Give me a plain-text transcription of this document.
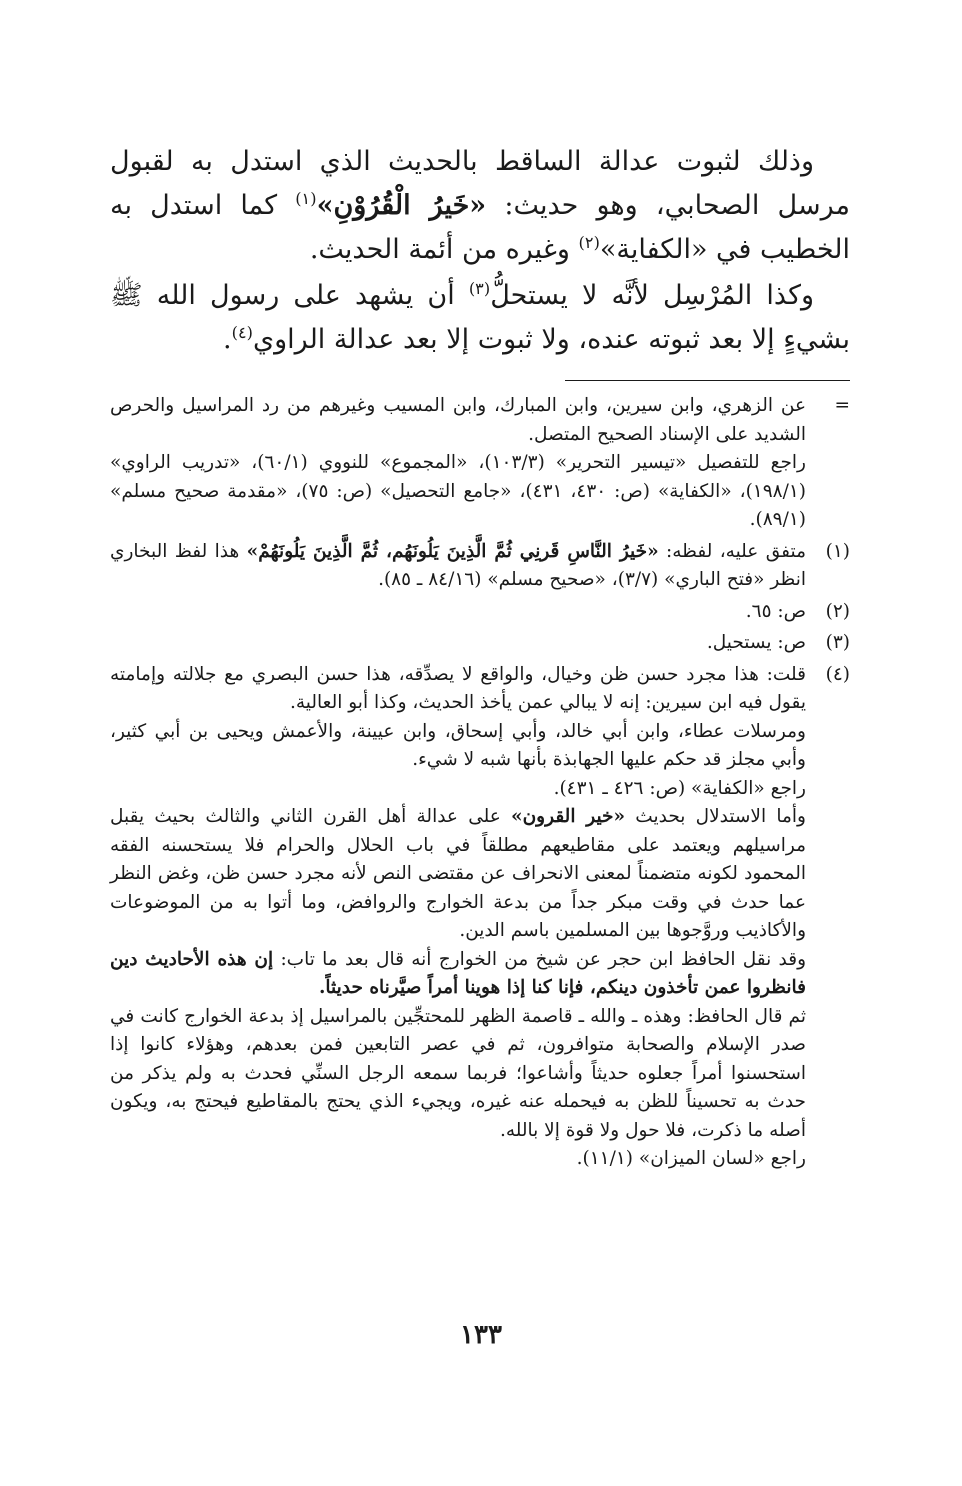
وذلك لثبوت عدالة الساقط بالحديث الذي استدل به لقبول مرسل الصحابي، وهو حديث: «خَيرُ الْقُرُوْنِ»$^{(١)}$ كما استدل به الخطيب في «الكفاية»$^{(٢)}$ وغيره من أئمة الحديث.

وكذا المُرْسِل لأنَّه لا يستحلُّ$^{(٣)}$ أن يشهد على رسول الله ﷺ بشيءٍ إلا بعد ثبوته عنده، ولا ثبوت إلا بعد عدالة الراوي$^{(٤)}$.

=

عن الزهري، وابن سيرين، وابن المبارك، وابن المسيب وغيرهم من رد المراسيل والحرص الشديد على الإسناد الصحيح المتصل.

راجع للتفصيل «تيسير التحرير» (١٠٣/٣)، «المجموع» للنووي (٦٠/١)، «تدريب الراوي» (١٩٨/١)، «الكفاية» (ص: ٤٣٠، ٤٣١)، «جامع التحصيل» (ص: ٧٥)، «مقدمة صحيح مسلم» (٨٩/١).

(١)

متفق عليه، لفظه: «خَيرُ النَّاسِ قَرنِي ثُمَّ الَّذِينَ يَلُونَهُم، ثُمَّ الَّذِينَ يَلُونَهُمْ» هذا لفظ البخاري انظر «فتح الباري» (٣/٧)، «صحيح مسلم» (٨٤/١٦ ـ ٨٥).

(٢)

ص: ٦٥.

(٣)

ص: يستحيل.

(٤)

قلت: هذا مجرد حسن ظن وخيال، والواقع لا يصدِّقه، هذا حسن البصري مع جلالته وإمامته يقول فيه ابن سيرين: إنه لا يبالي عمن يأخذ الحديث، وكذا أبو العالية.

ومرسلات عطاء، وابن أبي خالد، وأبي إسحاق، وابن عيينة، والأعمش ويحيى بن أبي كثير، وأبي مجلز قد حكم عليها الجهابذة بأنها شبه لا شيء.

راجع «الكفاية» (ص: ٤٢٦ ـ ٤٣١).

وأما الاستدلال بحديث «خير القرون» على عدالة أهل القرن الثاني والثالث بحيث يقبل مراسيلهم ويعتمد على مقاطيعهم مطلقاً في باب الحلال والحرام فلا يستحسنه الفقه المحمود لكونه متضمناً لمعنى الانحراف عن مقتضى النص لأنه مجرد حسن ظن، وغض النظر عما حدث في وقت مبكر جداً من بدعة الخوارج والروافض، وما أتوا به من الموضوعات والأكاذيب وروَّجوها بين المسلمين باسم الدين.

وقد نقل الحافظ ابن حجر عن شيخ من الخوارج أنه قال بعد ما تاب: إن هذه الأحاديث دين فانظروا عمن تأخذون دينكم، فإنا كنا إذا هوينا أمراً صيَّرناه حديثاً.

ثم قال الحافظ: وهذه ـ والله ـ قاصمة الظهر للمحتجِّين بالمراسيل إذ بدعة الخوارج كانت في صدر الإسلام والصحابة متوافرون، ثم في عصر التابعين فمن بعدهم، وهؤلاء كانوا إذا استحسنوا أمراً جعلوه حديثاً وأشاعوا؛ فربما سمعه الرجل السنِّي فحدث به ولم يذكر من حدث به تحسيناً للظن به فيحمله عنه غيره، ويجيء الذي يحتج بالمقاطيع فيحتج به، ويكون أصله ما ذكرت، فلا حول ولا قوة إلا بالله.

راجع «لسان الميزان» (١١/١).

١٣٣
